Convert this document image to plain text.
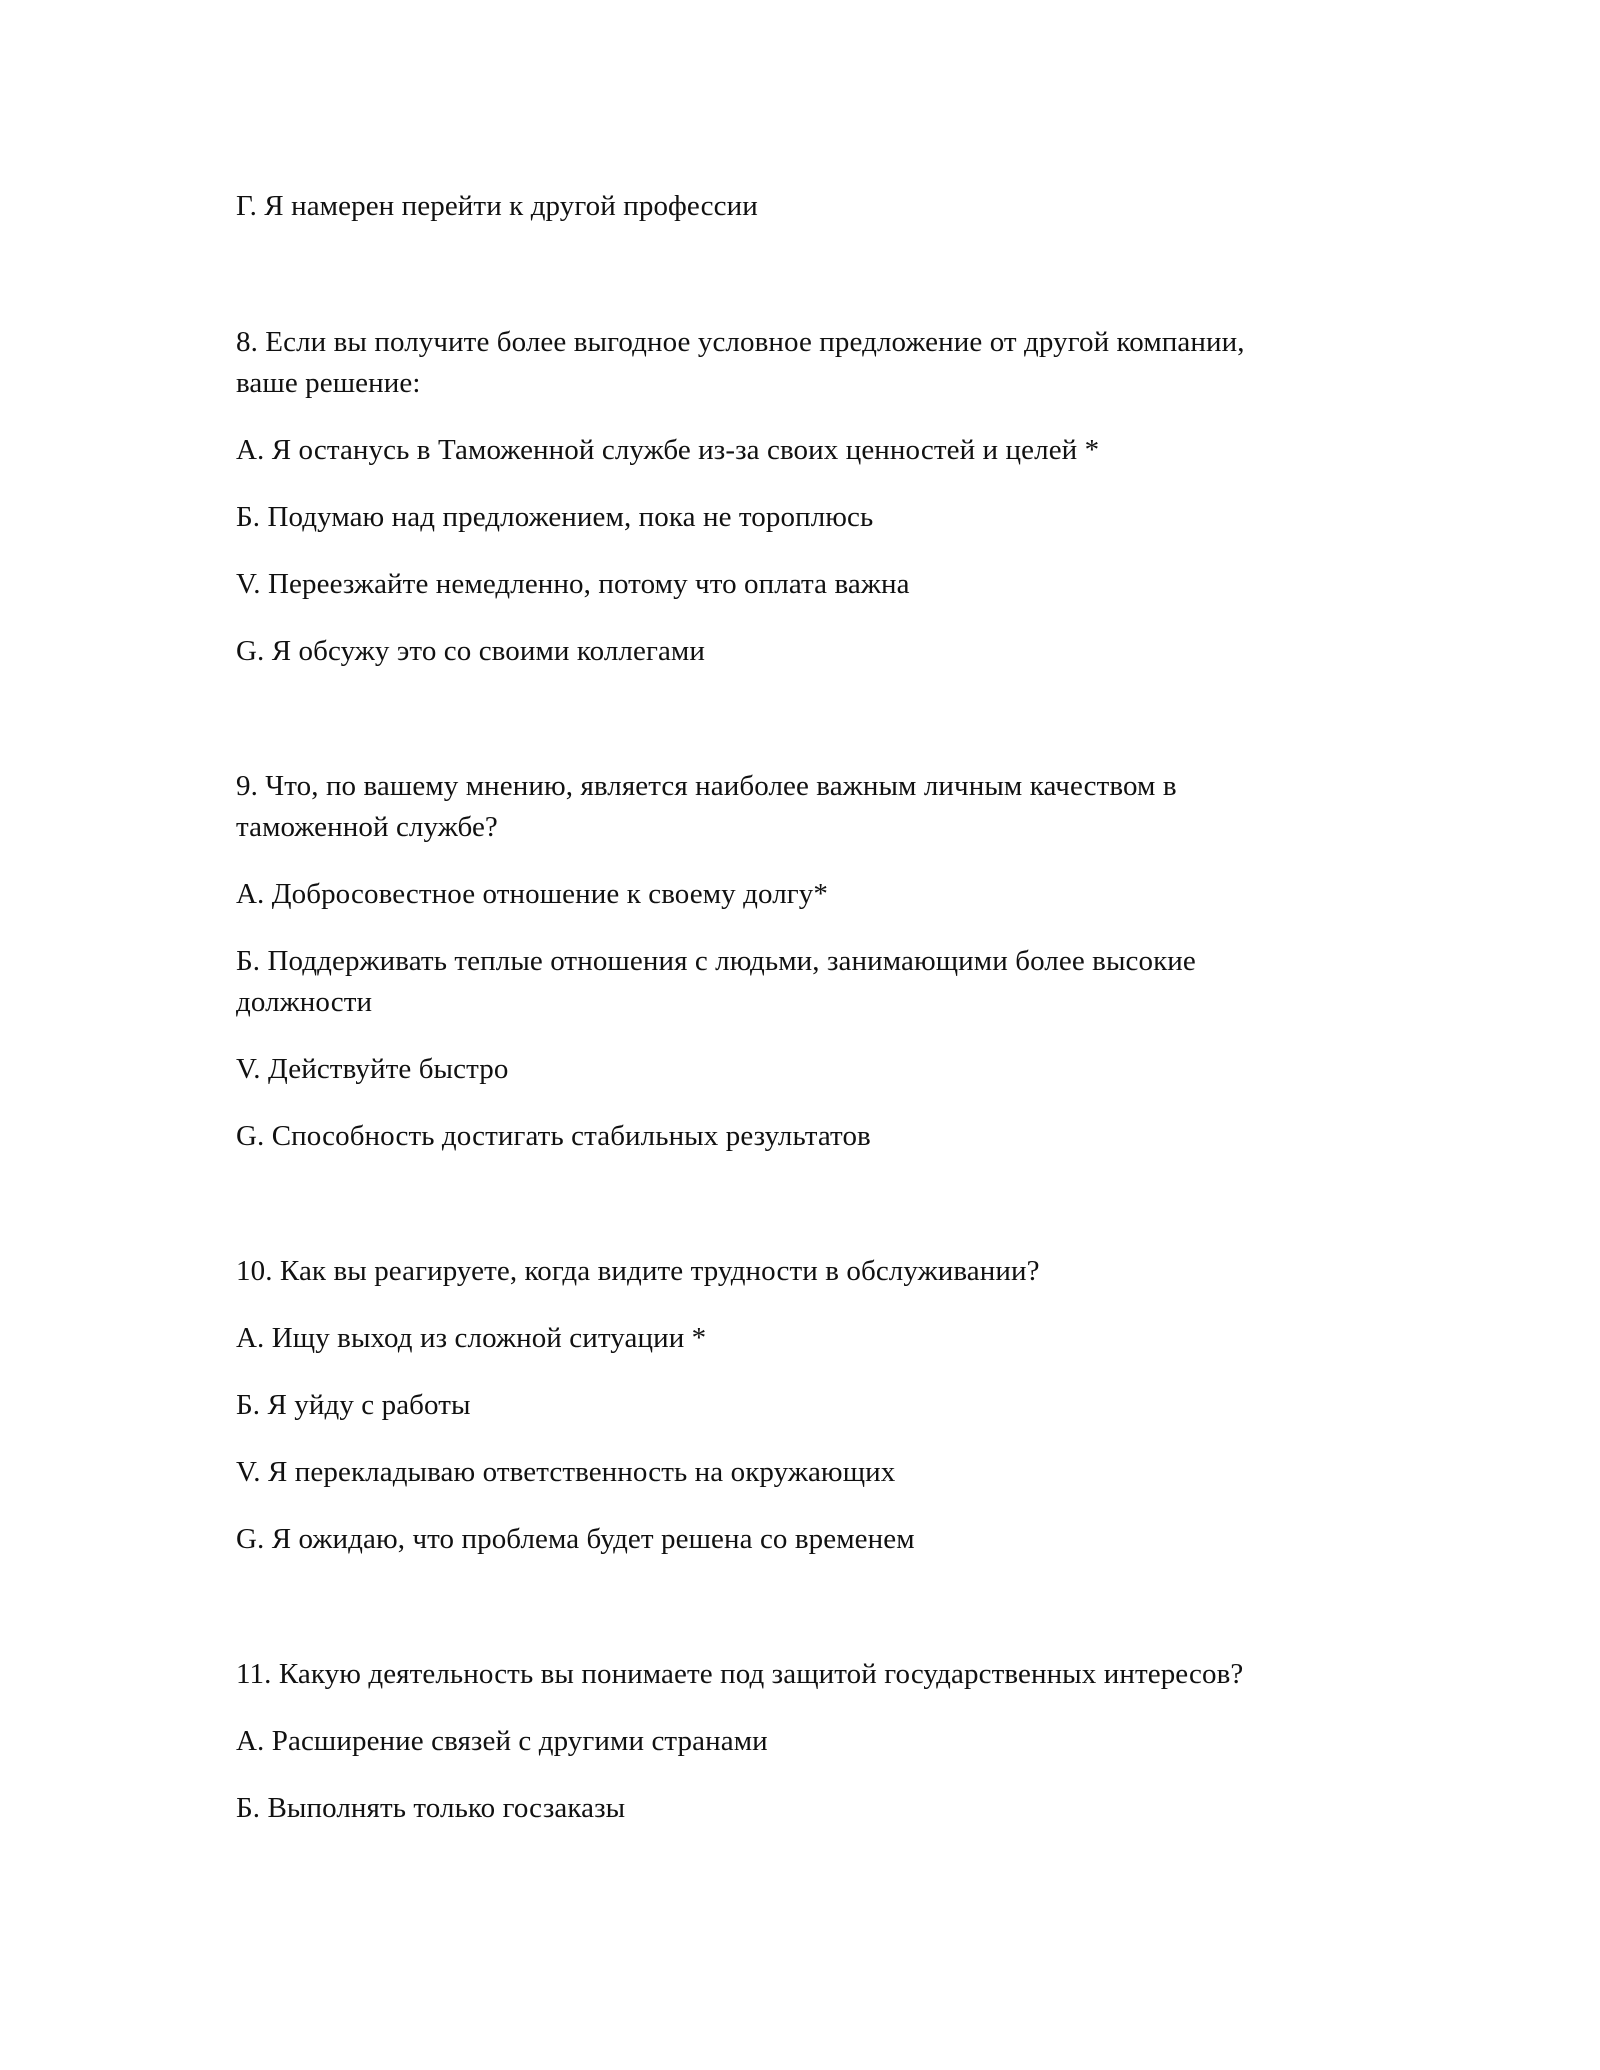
Г. Я намерен перейти к другой профессии
8. Если вы получите более выгодное условное предложение от другой компании,
ваше решение:
А. Я останусь в Таможенной службе из-за своих ценностей и целей *
Б. Подумаю над предложением, пока не тороплюсь
V. Переезжайте немедленно, потому что оплата важна
G. Я обсужу это со своими коллегами
9. Что, по вашему мнению, является наиболее важным личным качеством в
таможенной службе?
А. Добросовестное отношение к своему долгу*
Б. Поддерживать теплые отношения с людьми, занимающими более высокие
должности
V. Действуйте быстро
G. Способность достигать стабильных результатов
10. Как вы реагируете, когда видите трудности в обслуживании?
А. Ищу выход из сложной ситуации *
Б. Я уйду с работы
V. Я перекладываю ответственность на окружающих
G. Я ожидаю, что проблема будет решена со временем
11. Какую деятельность вы понимаете под защитой государственных интересов?
А. Расширение связей с другими странами
Б. Выполнять только госзаказы
